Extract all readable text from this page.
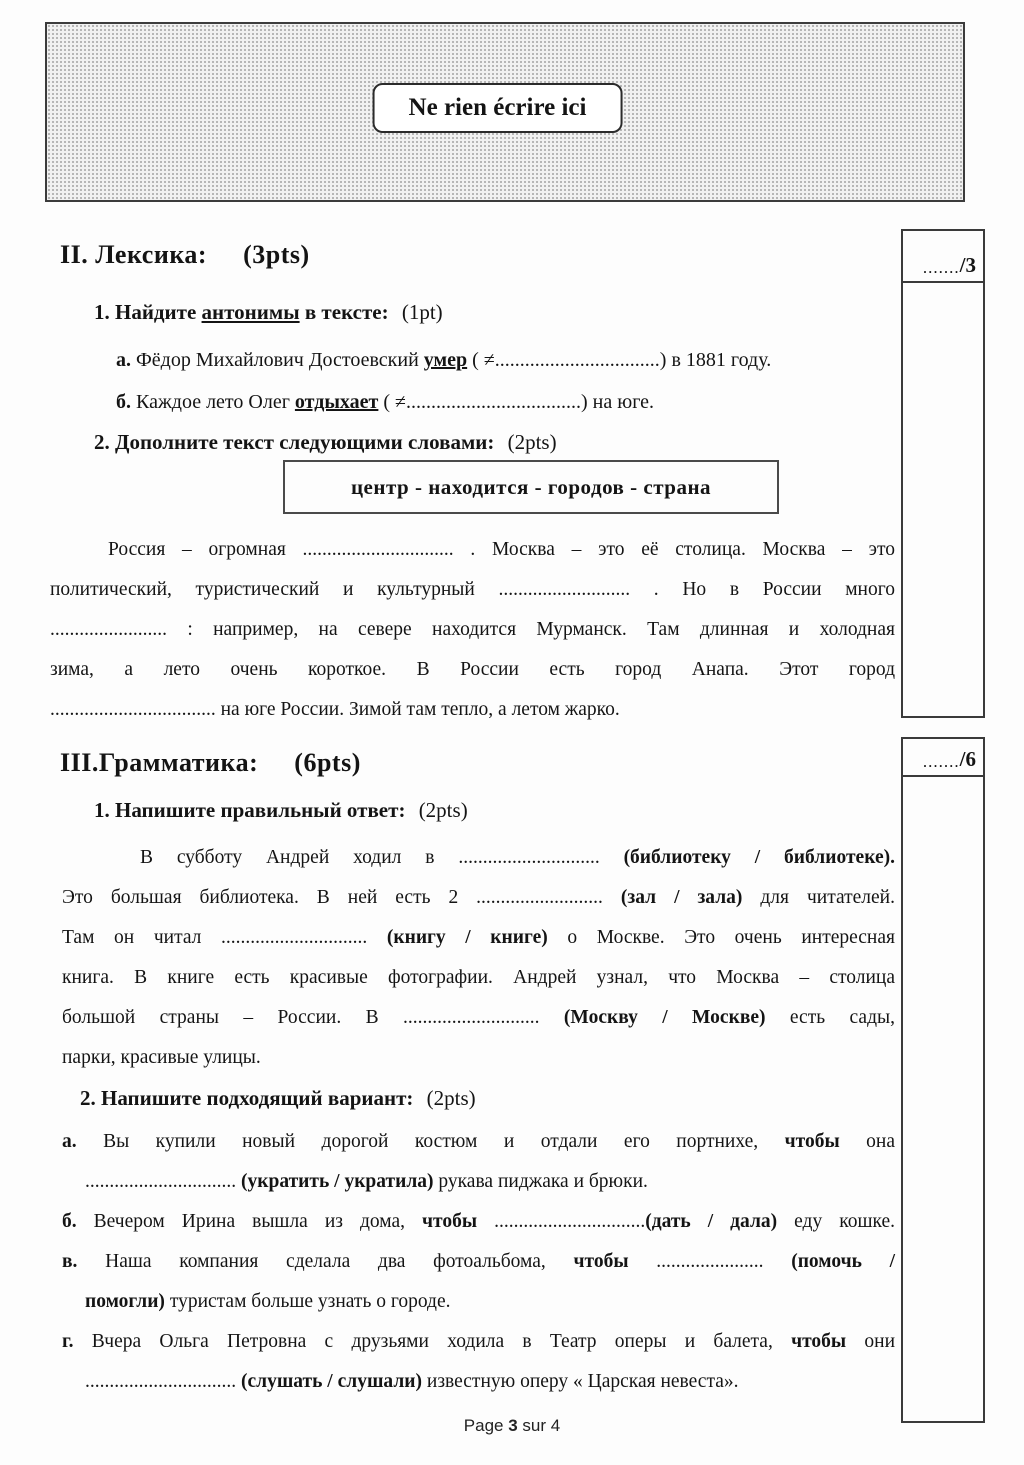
Ne rien écrire ici
....... /3
....... /6
II. Лексика: (3pts)
1. Найдите антонимы в тексте: (1pt)
а. Фёдор Михайлович Достоевский умер ( ≠.................................) в 1881 году.
б. Каждое лето Олег отдыхает ( ≠...................................) на юге.
2. Дополните текст следующими словами: (2pts)
центр - находится - городов - страна
Россия – огромная ............................... . Москва – это её столица. Москва – это
политический, туристический и культурный ........................... . Но в России много
........................ : например, на севере находится Мурманск. Там длинная и холодная
зима, а лето очень короткое. В России есть город Анапа. Этот город
.................................. на юге России. Зимой там тепло, а летом жарко.
III.Грамматика: (6pts)
1. Напишите правильный ответ: (2pts)
В субботу Андрей ходил в ............................. (библиотеку / библиотеке).
Это большая библиотека. В ней есть 2 .......................... (зал / зала) для читателей.
Там он читал .............................. (книгу / книге) о Москве. Это очень интересная
книга. В книге есть красивые фотографии. Андрей узнал, что Москва – столица
большой страны – России. В ............................ (Москву / Москве) есть сады,
парки, красивые улицы.
2. Напишите подходящий вариант: (2pts)
а. Вы купили новый дорогой костюм и отдали его портнихе, чтобы она
............................... (укратить / укратила) рукава пиджака и брюки.
б. Вечером Ирина вышла из дома, чтобы ...............................(дать / дала) еду кошке.
в. Наша компания сделала два фотоальбома, чтобы ...................... (помочь /
помогли) туристам больше узнать о городе.
г. Вчера Ольга Петровна с друзьями ходила в Театр оперы и балета, чтобы они
............................... (слушать / слушали) известную оперу « Царская невеста».
Page 3 sur 4
